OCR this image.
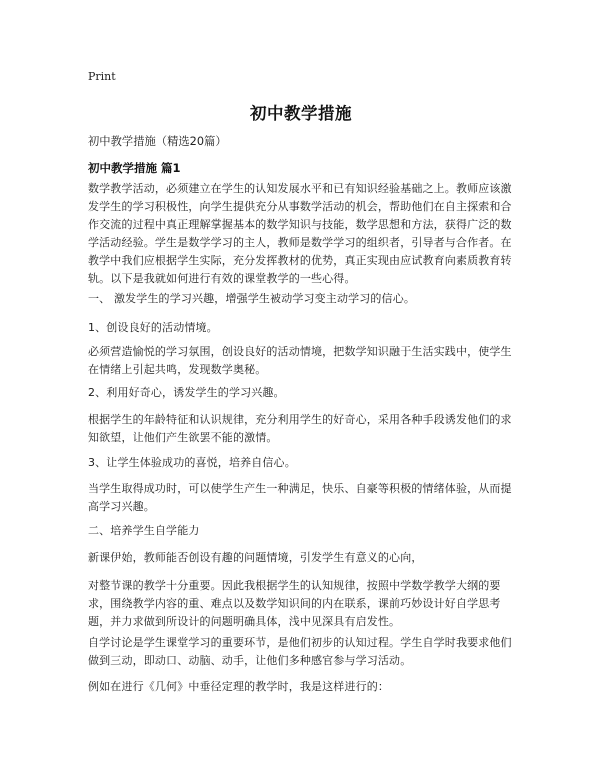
Print
初中教学措施
初中教学措施（精选20篇）
初中教学措施 篇1

数学教学活动，必须建立在学生的认知发展水平和已有知识经验基础之上。教师应该激发学生的学习积极性，向学生提供充分从事数学活动的机会，帮助他们在自主探索和合作交流的过程中真正理解掌握基本的数学知识与技能，数学思想和方法，获得广泛的数学活动经验。学生是数学学习的主人，教师是数学学习的组织者，引导者与合作者。在教学中我们应根据学生实际，充分发挥教材的优势，真正实现由应试教育向素质教育转轨。以下是我就如何进行有效的课堂教学的一些心得。

一、 激发学生的学习兴趣，增强学生被动学习变主动学习的信心。

1、创设良好的活动情境。

必须营造愉悦的学习氛围，创设良好的活动情境，把数学知识融于生活实践中，使学生在情绪上引起共鸣，发现数学奥秘。

2、利用好奇心，诱发学生的学习兴趣。

根据学生的年龄特征和认识规律，充分利用学生的好奇心，采用各种手段诱发他们的求知欲望，让他们产生欲罢不能的激情。

3、让学生体验成功的喜悦，培养自信心。

当学生取得成功时，可以使学生产生一种满足，快乐、自豪等积极的情绪体验，从而提高学习兴趣。

二、培养学生自学能力

新课伊始，教师能否创设有趣的问题情境，引发学生有意义的心向，

对整节课的教学十分重要。因此我根据学生的认知规律，按照中学数学教学大纲的要求，围绕教学内容的重、难点以及数学知识间的内在联系，课前巧妙设计好自学思考题，并力求做到所设计的问题明确具体，浅中见深具有启发性。

自学讨论是学生课堂学习的重要环节，是他们初步的认知过程。学生自学时我要求他们做到三动，即动口、动脑、动手，让他们多种感官参与学习活动。

例如在进行《几何》中垂径定理的教学时，我是这样进行的：
